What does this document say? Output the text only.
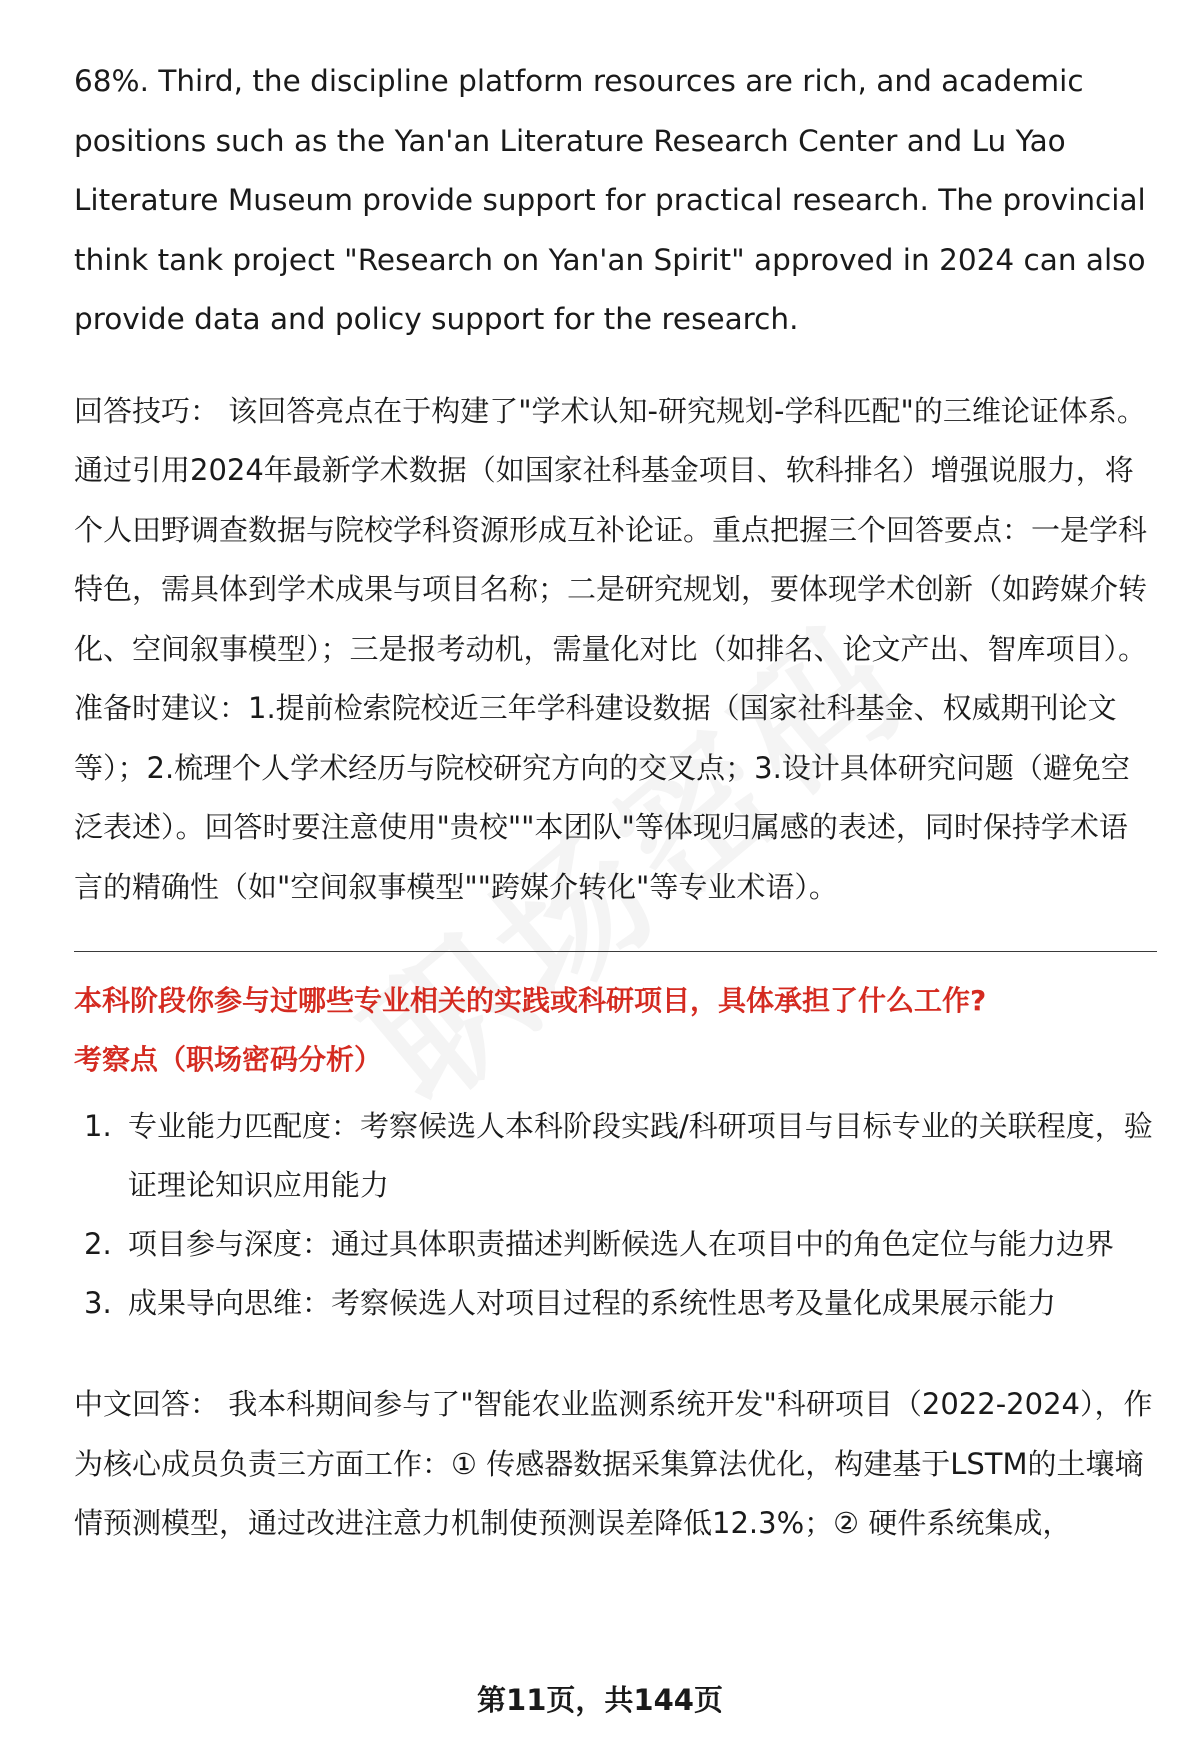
68%. Third, the discipline platform resources are rich, and academic positions such as the Yan'an Literature Research Center and Lu Yao Literature Museum provide support for practical research. The provincial think tank project "Research on Yan'an Spirit" approved in 2024 can also provide data and policy support for the research.

回答技巧： 该回答亮点在于构建了"学术认知-研究规划-学科匹配"的三维论证体系。通过引用2024年最新学术数据（如国家社科基金项目、软科排名）增强说服力，将个人田野调查数据与院校学科资源形成互补论证。重点把握三个回答要点：一是学科特色，需具体到学术成果与项目名称；二是研究规划，要体现学术创新（如跨媒介转化、空间叙事模型）；三是报考动机，需量化对比（如排名、论文产出、智库项目）。准备时建议：1.提前检索院校近三年学科建设数据（国家社科基金、权威期刊论文等）；2.梳理个人学术经历与院校研究方向的交叉点；3.设计具体研究问题（避免空泛表述）。回答时要注意使用"贵校""本团队"等体现归属感的表述，同时保持学术语言的精确性（如"空间叙事模型""跨媒介转化"等专业术语）。

本科阶段你参与过哪些专业相关的实践或科研项目，具体承担了什么工作?
考察点（职场密码分析）
1. 专业能力匹配度：考察候选人本科阶段实践/科研项目与目标专业的关联程度，验证理论知识应用能力
2. 项目参与深度：通过具体职责描述判断候选人在项目中的角色定位与能力边界
3. 成果导向思维：考察候选人对项目过程的系统性思考及量化成果展示能力

中文回答： 我本科期间参与了"智能农业监测系统开发"科研项目（2022-2024），作为核心成员负责三方面工作：① 传感器数据采集算法优化，构建基于LSTM的土壤墒情预测模型，通过改进注意力机制使预测误差降低12.3%；② 硬件系统集成，

第11页，共144页
